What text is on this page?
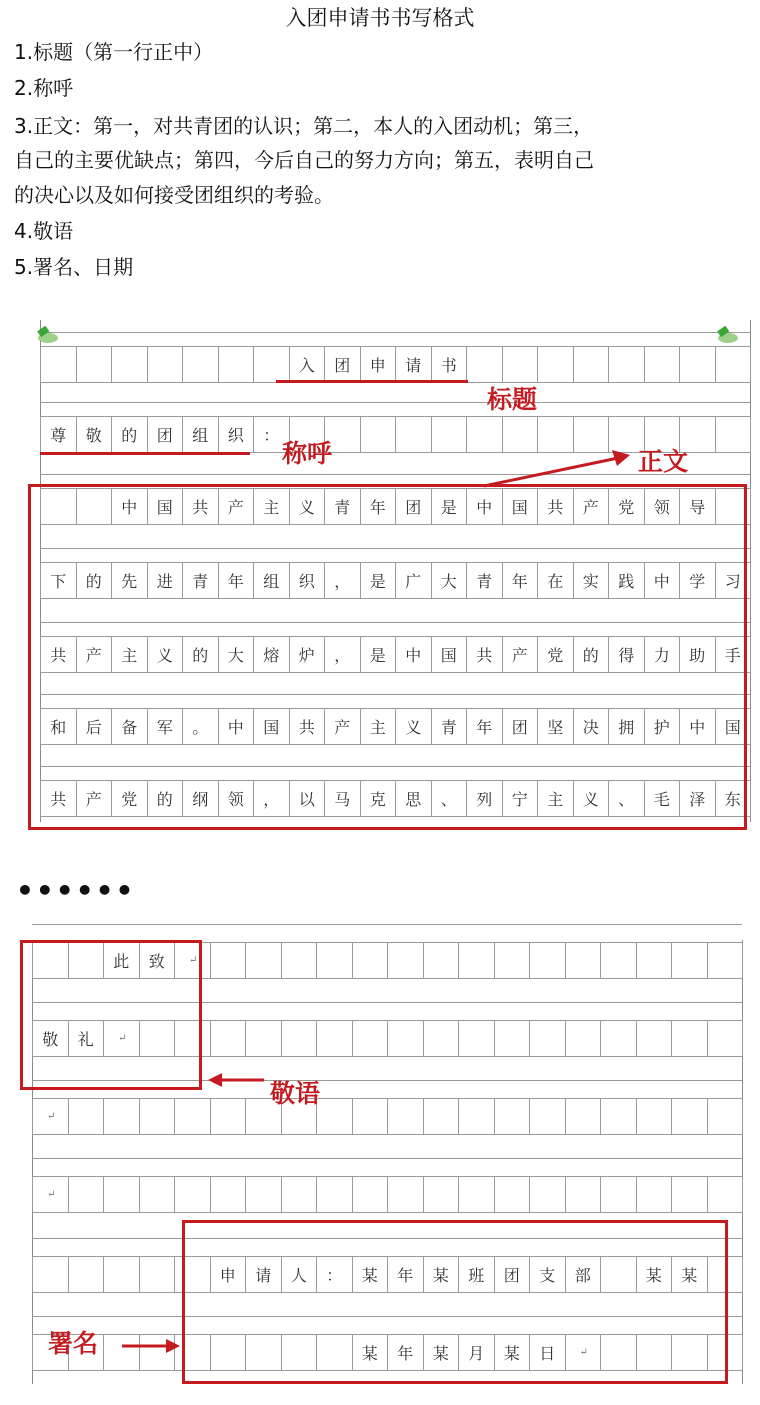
入团申请书书写格式
1.标题（第一行正中）
2.称呼
3.正文：第一，对共青团的认识；第二，本人的入团动机；第三，
自己的主要优缺点；第四，今后自己的努力方向；第五，表明自己
的决心以及如何接受团组织的考验。
4.敬语
5.署名、日期
入	团	申	请	书
尊	敬	的	团	组	织	：
中	国	共	产	主	义	青	年	团	是	中	国	共	产	党	领	导
下	的	先	进	青	年	组	织	，	是	广	大	青	年	在	实	践	中	学	习
共	产	主	义	的	大	熔	炉	，	是	中	国	共	产	党	的	得	力	助	手
和	后	备	军	。	中	国	共	产	主	义	青	年	团	坚	决	拥	护	中	国
共	产	党	的	纲	领	，	以	马	克	思	、	列	宁	主	义	、	毛	泽	东
••••••
此	致	↵
敬	礼	↵
↵
↵
申	请	人	：	某	年	某	班	团	支	部	某	某
某	年	某	月	某	日	↵
标题
称呼	正文
敬语
署名
